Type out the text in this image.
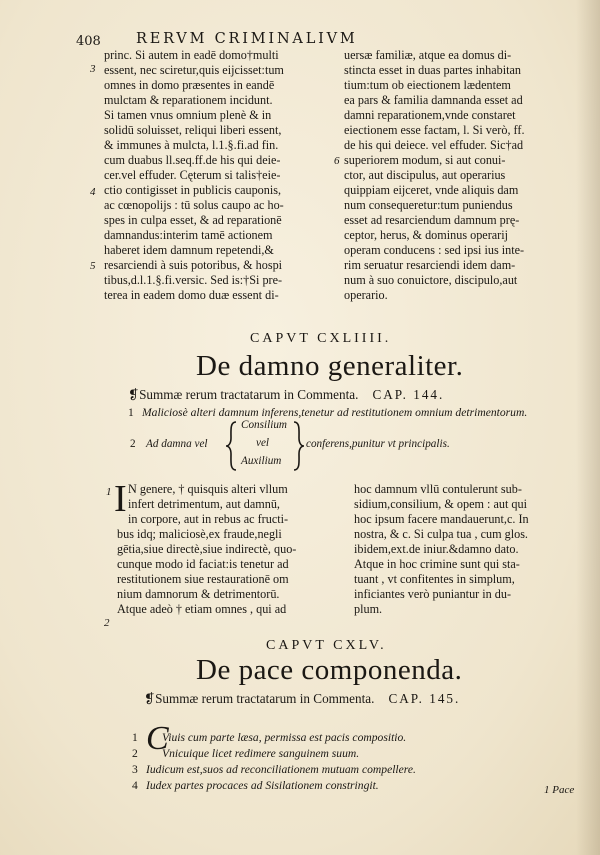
408 RERVM CRIMINALIVM
princ. Si autem in eadē domo†multi
essent, nec sciretur,quis eijcisset:tum
omnes in domo præsentes in eandē
mulctam & reparationem incidunt.
Si tamen vnus omnium plenè & in
solidū soluisset, reliqui liberi essent,
& immunes à mulcta, l.1.§.fi.ad fin.
cum duabus ll.seq.ff.de his qui deie-
cer.vel effuder. Cęterum si talis†eie-
ctio contigisset in publicis cauponis,
ac cœnopolijs : tū solus caupo ac ho-
spes in culpa esset, & ad reparationē
damnandus:interim tamē actionem
haberet idem damnum repetendi,&
resarciendi à suis potoribus, & hospi
tibus,d.l.1.§.fi.versic. Sed is:†Si pre-
terea in eadem domo duæ essent di-
uersæ familiæ, atque ea domus di-
stincta esset in duas partes inhabitan
tium:tum ob eiectionem lædentem
ea pars & familia damnanda esset ad
damni reparationem,vnde constaret
eiectionem esse factam, l. Si verò, ff.
de his qui deiece. vel effuder. Sic†ad
superiorem modum, si aut conui-
ctor, aut discipulus, aut operarius
quippiam eijceret, vnde aliquis dam
num consequeretur:tum puniendus
esset ad resarciendum damnum prę-
ceptor, herus, & dominus operarij
operam conducens : sed ipsi ius inte-
rim seruatur resarciendi idem dam-
num à suo conuictore, discipulo,aut
operario.
3
4
5
6
CAPVT CXLIIII.
De damno generaliter.
❡Summæ rerum tractatarum in Commenta. CAP. 144.
1 Maliciosè alteri damnum inferens,tenetur ad restitutionem omnium detrimentorum.
2 Ad damna vel
Consilium
vel
Auxilium
conferens,punitur vt principalis.
1 I N genere, † quisquis alteri vllum
infert detrimentum, aut damnū,
in corpore, aut in rebus ac fructi-
bus idq; maliciosè,ex fraude,negli
gētia,siue directè,siue indirectè, quo-
cunque modo id faciat:is tenetur ad
restitutionem siue restaurationē om
nium damnorum & detrimentorū.
Atque adeò † etiam omnes , qui ad
2
hoc damnum vllū contulerunt sub-
sidium,consilium, & opem : aut qui
hoc ipsum facere mandauerunt,c. In
nostra, & c. Si culpa tua , cum glos.
ibidem,ext.de iniur.&damno dato.
Atque in hoc crimine sunt qui sta-
tuant , vt confitentes in simplum,
inficiantes verò puniantur in du-
plum.
CAPVT CXLV.
De pace componenda.
❡Summæ rerum tractatarum in Commenta. CAP. 145.
C
1 Viuis cum parte læsa, permissa est pacis compositio.
2 Vnicuique licet redimere sanguinem suum.
3 Iudicum est,suos ad reconciliationem mutuam compellere.
4 Iudex partes procaces ad Sisilationem constringit.	1 Pace
